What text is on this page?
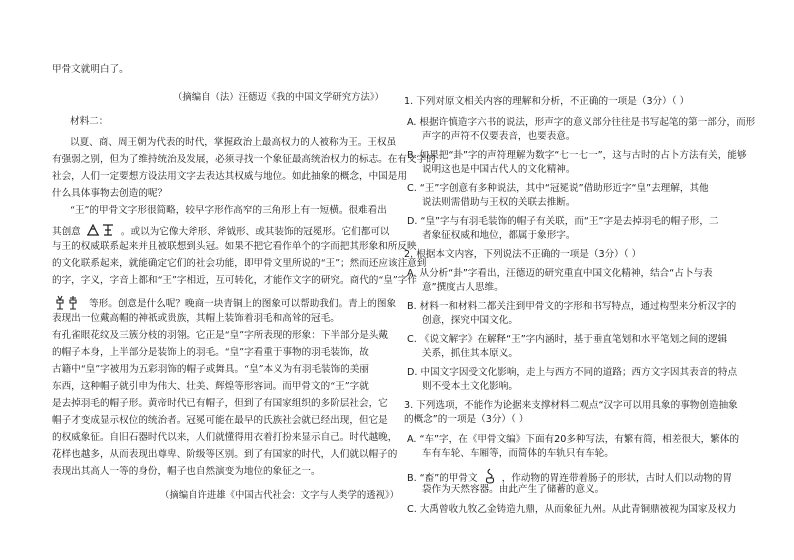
甲骨文就明白了。
（摘编自（法）汪德迈《我的中国文学研究方法》）
材料二：
以夏、商、周王朝为代表的时代，掌握政治上最高权力的人被称为王。王权虽
有强弱之别，但为了维持统治及发展，必须寻找一个象征最高统治权力的标志。在有文字的
社会，人们一定要想方设法用文字去表达其权威与地位。如此抽象的概念，中国是用
什么具体事物去创造的呢？
“王”的甲骨文字形很简略，较早字形作高窄的三角形上有一短横。很难看出
其创意	。或以为它像大斧形、斧钺形、或其装饰的冠冕形。它们都可以
与王的权威联系起来并且被联想到头冠。如果不把它看作单个的字而把其形象和所反映
的文化联系起来，就能确定它们的社会功能，即甲骨文里所说的“王”；然而还应该注意到
的字，字义，字音上都和“王”字相近，互可转化，才能作文字的研究。商代的“皇”字作
等形。创意是什么呢？晚商一块青铜上的图象可以帮助我们。青上的图象
表现出一位戴高帽的神祇或贵族，其帽上装饰着羽毛和高耸的冠毛。
有孔雀眼花纹及三簇分枝的羽翎。它正是“皇”字所表现的形象：下半部分是头戴
的帽子本身，上半部分是装饰上的羽毛。“皇”字看重于事物的羽毛装饰，故
古籍中“皇”字被用为五彩羽饰的帽子或舞具。“皇”本义为有羽毛装饰的美丽
东西，这种帽子就引申为伟大、壮美、辉煌等形容词。而甲骨文的“王”字就
是去掉羽毛的帽子形。黄帝时代已有帽子，但到了有国家组织的多阶层社会，它
帽子才变成显示权位的统治者。冠冕可能在最早的氏族社会就已经出现，但它是
的权威象征。自旧石器时代以来，人们就懂得用衣着打扮来显示自己。时代越晚，
花样也越多，从而表现出尊卑、阶级等区别。到了有国家的时代，人们就以帽子的
表现出其高人一等的身份，帽子也自然演变为地位的象征之一。
（摘编自许进雄《中国古代社会：文字与人类学的透视》）
1. 下列对原文相关内容的理解和分析，不正确的一项是（3分）（ ）
A. 根据许慎造字六书的说法，形声字的意义部分往往是书写起笔的第一部分，而形
声字的声符不仅要表音，也要表意。
B. 如果把“卦”字的声符理解为数字“七一七一”，这与古时的占卜方法有关，能够
说明这也是中国古代人的文化精神。
C. “王”字创意有多种说法，其中“冠冕说”借助形近字“皇”去理解，其他
说法则需借助与王权的关联去推断。
D. “皇”字与有羽毛装饰的帽子有关联，而“王”字是去掉羽毛的帽子形，二
者象征权威和地位，都属于象形字。
2. 根据本文内容，下列说法不正确的一项是（3分）（ ）
A. 从分析“卦”字看出，汪德迈的研究重直中国文化精神，结合“占卜与表
意”撰度古人思维。
B. 材料一和材料二都关注到甲骨文的字形和书写特点，通过构型来分析汉字的
创意，探究中国文化。
C. 《说文解字》在解释“王”字内涵时，基于垂直笔划和水平笔划之间的逻辑
关系，抓住其本原义。
D. 中国文字因受文化影响，走上与西方不同的道路；西方文字因其表音的特点
则不受本土文化影响。
3. 下列选项，不能作为论据来支撑材料二观点“汉字可以用具象的事物创造抽象
的概念”的一项是（3分）（ ）
A. “车”字，在《甲骨文编》下面有20多种写法，有繁有简，相差很大，繁体的
车有车轮、车厢等，而简体的车轨只有车轮。
B. “畜”的甲骨文	，作动物的胃连带着肠子的形状，古时人们以动物的胃
袋作为天然容器。由此产生了储蓄的意义。
C. 大禹曾收九牧乙金铸造九鼎，从而象征九州。从此青铜鼎被视为国家及权力
